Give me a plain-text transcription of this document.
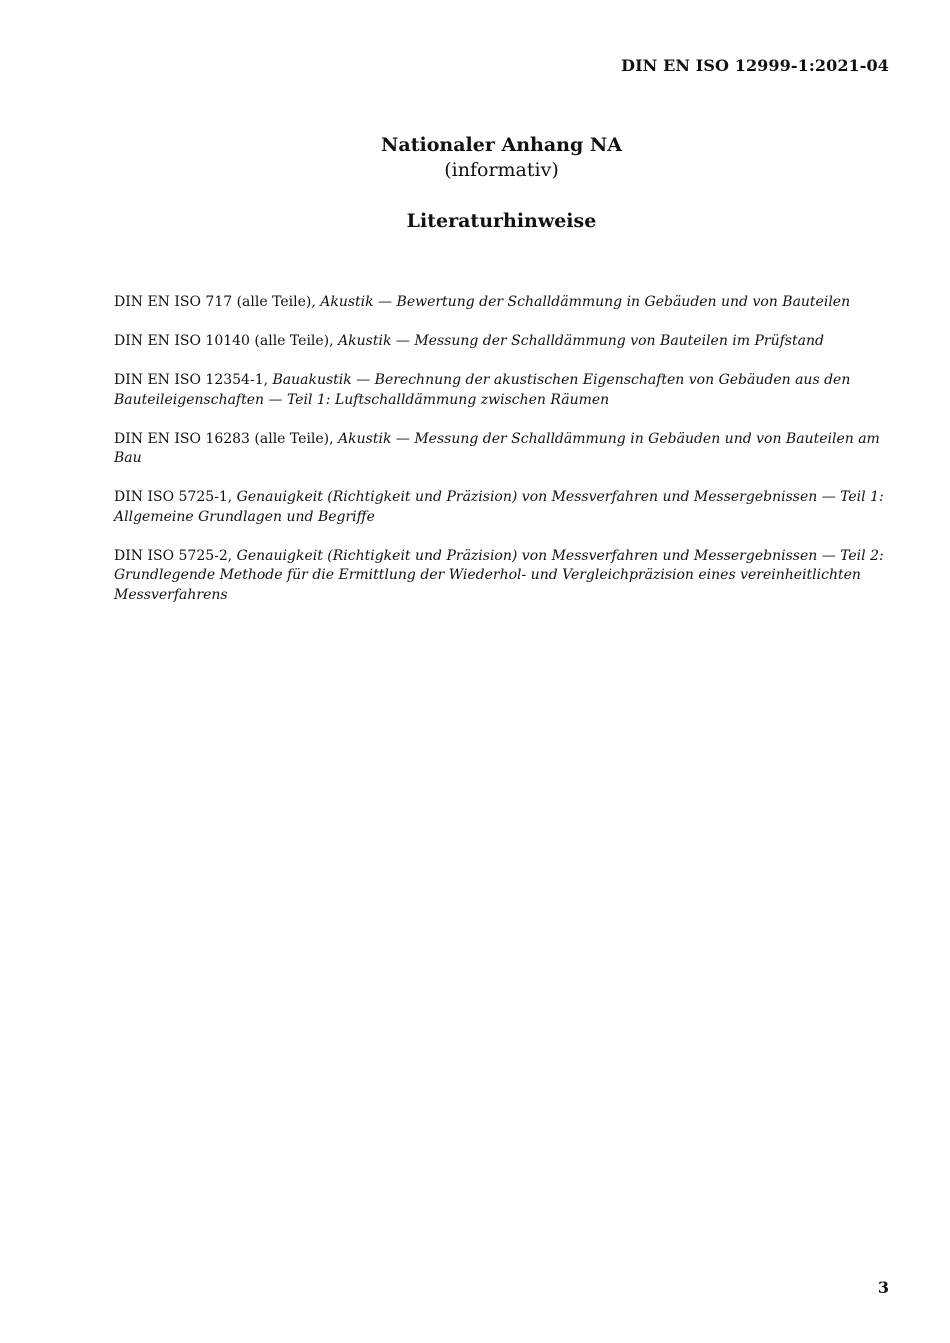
DIN EN ISO 12999-1:2021-04
Nationaler Anhang NA
(informativ)
Literaturhinweise

DIN EN ISO 717 (alle Teile), Akustik — Bewertung der Schalldämmung in Gebäuden und von Bauteilen

DIN EN ISO 10140 (alle Teile), Akustik — Messung der Schalldämmung von Bauteilen im Prüfstand

DIN EN ISO 12354-1, Bauakustik — Berechnung der akustischen Eigenschaften von Gebäuden aus den Bauteileigenschaften — Teil 1: Luftschalldämmung zwischen Räumen

DIN EN ISO 16283 (alle Teile), Akustik — Messung der Schalldämmung in Gebäuden und von Bauteilen am Bau

DIN ISO 5725-1, Genauigkeit (Richtigkeit und Präzision) von Messverfahren und Messergebnissen — Teil 1: Allgemeine Grundlagen und Begriffe

DIN ISO 5725-2, Genauigkeit (Richtigkeit und Präzision) von Messverfahren und Messergebnissen — Teil 2: Grundlegende Methode für die Ermittlung der Wiederhol- und Vergleichpräzision eines vereinheitlichten Messverfahrens

3
